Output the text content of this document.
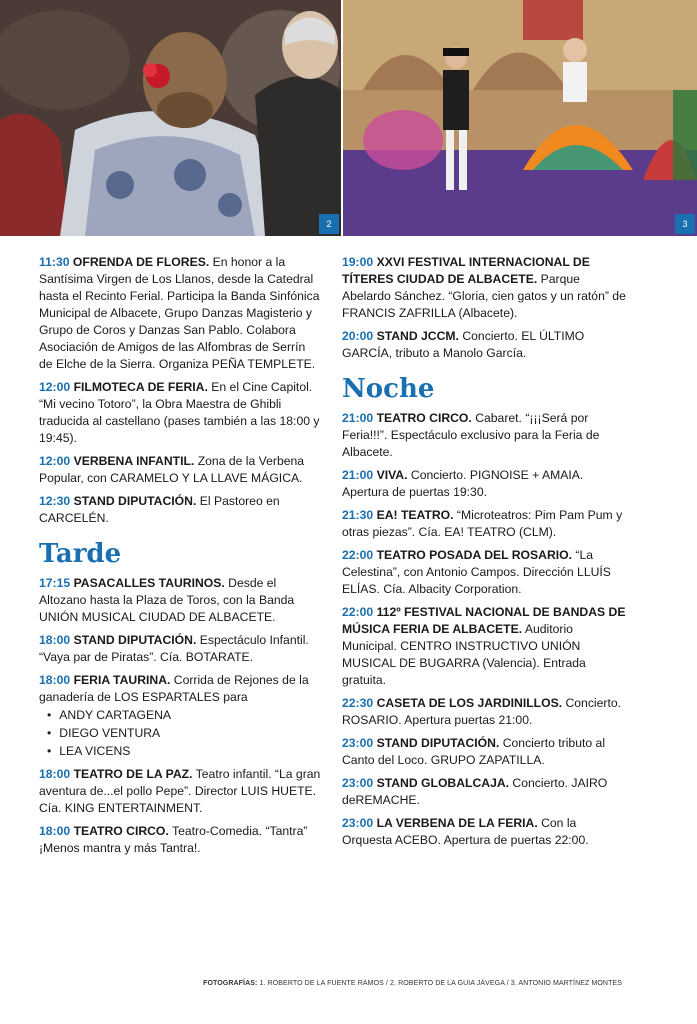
2	3
11:30 OFRENDA DE FLORES. En honor a la Santísima Virgen de Los Llanos, desde la Catedral hasta el Recinto Ferial. Participa la Banda Sinfónica Municipal de Albacete, Grupo Danzas Magisterio y Grupo de Coros y Danzas San Pablo. Colabora Asociación de Amigos de las Alfombras de Serrín de Elche de la Sierra. Organiza PEÑA TEMPLETE.
12:00 FILMOTECA DE FERIA. En el Cine Capitol. “Mi vecino Totoro”, la Obra Maestra de Ghibli traducida al castellano (pases también a las 18:00 y 19:45).
12:00 VERBENA INFANTIL. Zona de la Verbena Popular, con CARAMELO Y LA LLAVE MÁGICA.
12:30 STAND DIPUTACIÓN. El Pastoreo en CARCELÉN.
Tarde
17:15 PASACALLES TAURINOS. Desde el Altozano hasta la Plaza de Toros, con la Banda UNIÓN MUSICAL CIUDAD DE ALBACETE.
18:00 STAND DIPUTACIÓN. Espectáculo Infantil. “Vaya par de Piratas”. Cía. BOTARATE.
18:00 FERIA TAURINA. Corrida de Rejones de la ganadería de LOS ESPARTALES para
• ANDY CARTAGENA
• DIEGO VENTURA
• LEA VICENS
18:00 TEATRO DE LA PAZ. Teatro infantil. “La gran aventura de...el pollo Pepe”. Director LUIS HUETE. Cía. KING ENTERTAINMENT.
18:00 TEATRO CIRCO. Teatro-Comedia. “Tantra” ¡Menos mantra y más Tantra!.
19:00 XXVI FESTIVAL INTERNACIONAL DE TÍTERES CIUDAD DE ALBACETE. Parque Abelardo Sánchez. “Gloria, cien gatos y un ratón” de FRANCIS ZAFRILLA (Albacete).
20:00 STAND JCCM. Concierto. EL ÚLTIMO GARCÍA, tributo a Manolo García.
Noche
21:00 TEATRO CIRCO. Cabaret. “¡¡¡Será por Feria!!!”. Espectáculo exclusivo para la Feria de Albacete.
21:00 VIVA. Concierto. PIGNOISE + AMAIA. Apertura de puertas 19:30.
21:30 EA! TEATRO. “Microteatros: Pim Pam Pum y otras piezas”. Cía. EA! TEATRO (CLM).
22:00 TEATRO POSADA DEL ROSARIO. “La Celestina”, con Antonio Campos. Dirección LLUÍS ELÍAS. Cía. Albacity Corporation.
22:00 112º FESTIVAL NACIONAL DE BANDAS DE MÚSICA FERIA DE ALBACETE. Auditorio Municipal. CENTRO INSTRUCTIVO UNIÓN MUSICAL DE BUGARRA (Valencia). Entrada gratuita.
22:30 CASETA DE LOS JARDINILLOS. Concierto. ROSARIO. Apertura puertas 21:00.
23:00 STAND DIPUTACIÓN. Concierto tributo al Canto del Loco. GRUPO ZAPATILLA.
23:00 STAND GLOBALCAJA. Concierto. JAIRO deREMACHE.
23:00 LA VERBENA DE LA FERIA. Con la Orquesta ACEBO. Apertura de puertas 22:00.
FOTOGRAFÍAS: 1. ROBERTO DE LA FUENTE RAMOS / 2. ROBERTO DE LA GUIA JÁVEGA / 3. ANTONIO MARTÍNEZ MONTES
